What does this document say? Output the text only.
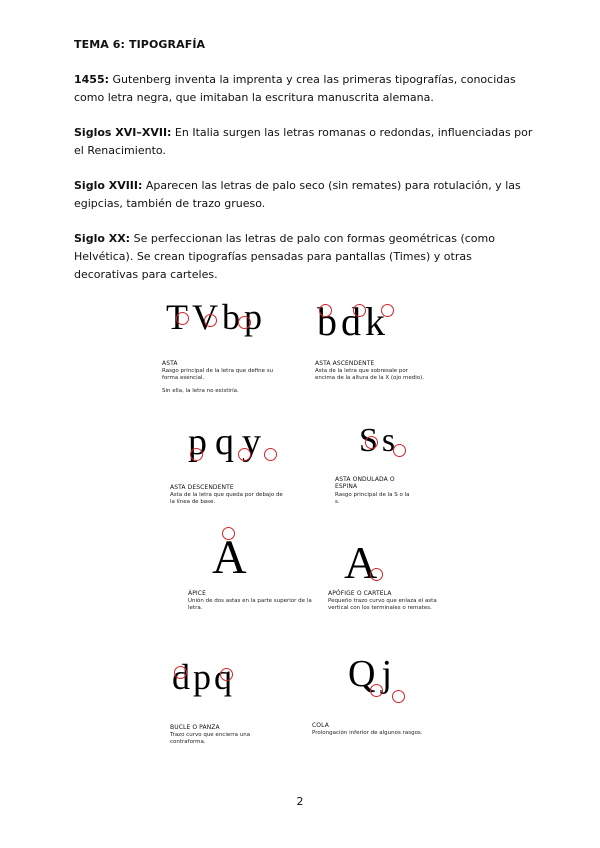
TEMA 6: TIPOGRAFÍA
1455: Gutenberg inventa la imprenta y crea las primeras tipografías, conocidas como letra negra, que imitaban la escritura manuscrita alemana.
Siglos XVI–XVII: En Italia surgen las letras romanas o redondas, influenciadas por el Renacimiento.
Siglo XVIII: Aparecen las letras de palo seco (sin remates) para rotulación, y las egipcias, también de trazo grueso.
Siglo XX: Se perfeccionan las letras de palo con formas geométricas (como Helvética). Se crean tipografías pensadas para pantallas (Times) y otras decorativas para carteles.
TVbp
ASTA
Rasgo principal de la letra que define su forma esencial.
Sin ella, la letra no existiría.
bdk
ASTA ASCENDENTE
Asta de la letra que sobresale por encima de la altura de la X (ojo medio).
pqy
ASTA DESCENDENTE
Asta de la letra que queda por debajo de la línea de base.
Ss
ASTA ONDULADA O ESPINA
Rasgo principal de la S o la s.
A
ÁPICE
Unión de dos astas en la parte superior de la letra.
A
APÓFIGE O CARTELA
Pequeño trazo curvo que enlaza el asta vertical con los terminales o remates.
dpq
BUCLE O PANZA
Trazo curvo que encierra una contraforma.
Qj
COLA
Prolongación inferior de algunos rasgos.
2
